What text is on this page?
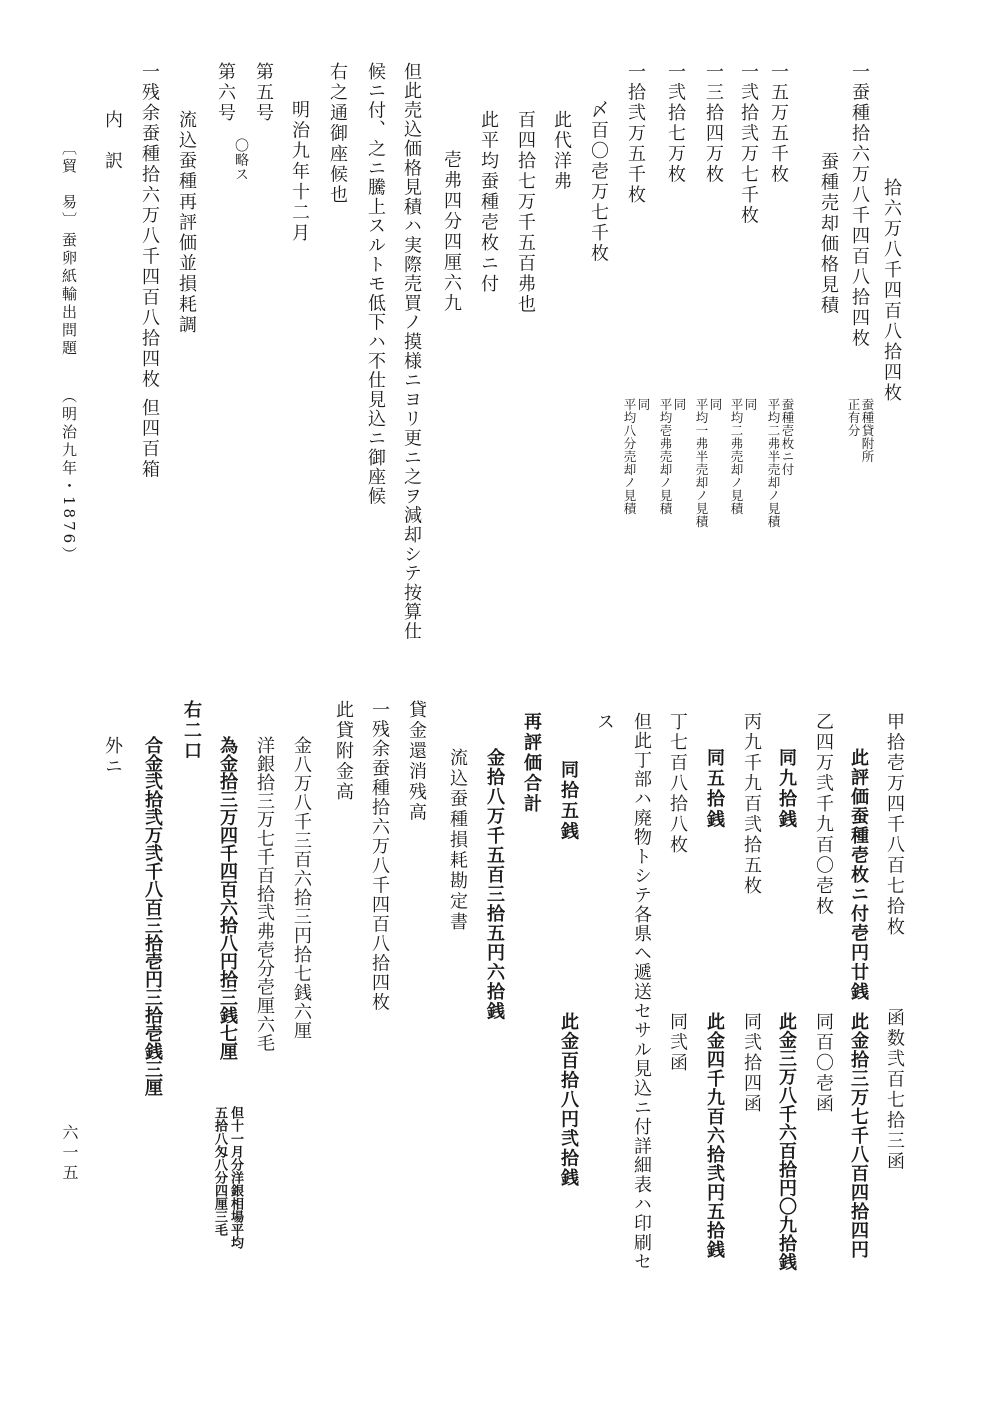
拾六万八千四百八拾四枚
一蚕種拾六万八千四百八拾四枚
蚕種売却価格見積
蚕種貸附所
正有分
一五万五千枚
蚕種壱枚ニ付
平均二弗半売却ノ見積
一弐拾弐万七千枚
同
平均二弗売却ノ見積
一三拾四万枚
同
平均一弗半売却ノ見積
一弐拾七万枚
同
平均壱弗売却ノ見積
一拾弐万五千枚
同
平均八分売却ノ見積
〆百〇壱万七千枚
此代洋弗
百四拾七万千五百弗也
此平均蚕種壱枚ニ付
壱弗四分四厘六九
但此売込価格見積ハ実際売買ノ摸様ニヨリ更ニ之ヲ減却シテ按算仕
候ニ付、之ニ騰上スルトモ低下ハ不仕見込ニ御座候
右之通御座候也
明治九年十二月
第五号
〇略ス
第六号
流込蚕種再評価並損耗調
一残余蚕種拾六万八千四百八拾四枚
但四百箱
内　訳
〔貿　易〕
蚕卵紙輸出問題
（明治九年・1876）
甲拾壱万四千八百七拾枚
函数弐百七拾三函
此評価蚕種壱枚ニ付壱円廿銭
此金拾三万七千八百四拾四円
乙四万弐千九百〇壱枚
同百〇壱函
同九拾銭
此金三万八千六百拾円〇九拾銭
丙九千九百弐拾五枚
同弐拾四函
同五拾銭
此金四千九百六拾弐円五拾銭
丁七百八拾八枚
同弐函
但此丁部ハ廃物トシテ各県ヘ遞送セサル見込ニ付詳細表ハ印刷セ
ス
同拾五銭
此金百拾八円弐拾銭
再評価合計
金拾八万千五百三拾五円六拾銭
流込蚕種損耗勘定書
貸金還消残高
一残余蚕種拾六万八千四百八拾四枚
此貸附金高
金八万八千三百六拾三円拾七銭六厘
洋銀拾三万七千百拾弐弗壱分壱厘六毛
為金拾三万四千四百六拾八円拾三銭七厘
但十一月分洋銀相場平均
五拾八匁八分四厘三毛
右二口
合金弐拾弐万弐千八百三拾壱円三拾壱銭三厘
外ニ
六一五
